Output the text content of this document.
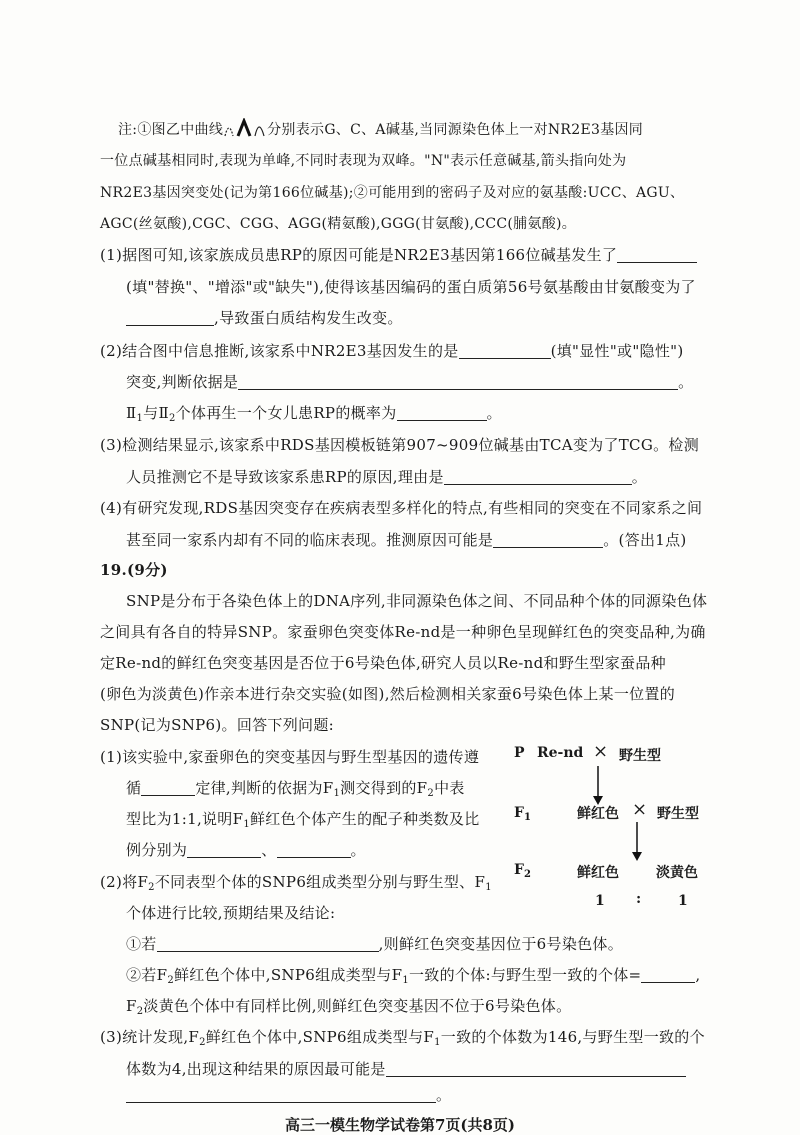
注:①图乙中曲线	分别表示G、C、A碱基,当同源染色体上一对NR2E3基因同
一位点碱基相同时,表现为单峰,不同时表现为双峰。"N"表示任意碱基,箭头指向处为
NR2E3基因突变处(记为第166位碱基);②可能用到的密码子及对应的氨基酸:UCC、AGU、
AGC(丝氨酸),CGC、CGG、AGG(精氨酸),GGG(甘氨酸),CCC(脯氨酸)。
(1)据图可知,该家族成员患RP的原因可能是NR2E3基因第166位碱基发生了
(填"替换"、"增添"或"缺失"),使得该基因编码的蛋白质第56号氨基酸由甘氨酸变为了
,导致蛋白质结构发生改变。
(2)结合图中信息推断,该家系中NR2E3基因发生的是	(填"显性"或"隐性")
突变,判断依据是	。
$Ⅱ_1$与$Ⅱ_2$个体再生一个女儿患RP的概率为	。
(3)检测结果显示,该家系中RDS基因模板链第907~909位碱基由TCA变为了TCG。检测
人员推测它不是导致该家系患RP的原因,理由是	。
(4)有研究发现,RDS基因突变存在疾病表型多样化的特点,有些相同的突变在不同家系之间
甚至同一家系内却有不同的临床表现。推测原因可能是	。(答出1点)
19.(9分)
SNP是分布于各染色体上的DNA序列,非同源染色体之间、不同品种个体的同源染色体
之间具有各自的特异SNP。家蚕卵色突变体Re-nd是一种卵色呈现鲜红色的突变品种,为确
定Re-nd的鲜红色突变基因是否位于6号染色体,研究人员以Re-nd和野生型家蚕品种
(卵色为淡黄色)作亲本进行杂交实验(如图),然后检测相关家蚕6号染色体上某一位置的
SNP(记为SNP6)。回答下列问题:
(1)该实验中,家蚕卵色的突变基因与野生型基因的遗传遵
循	定律,判断的依据为$F_1$测交得到的$F_2$中表
型比为1:1,说明$F_1$鲜红色个体产生的配子种类数及比
例分别为	、	。
(2)将$F_2$不同表型个体的SNP6组成类型分别与野生型、$F_1$
个体进行比较,预期结果及结论:
①若	,则鲜红色突变基因位于6号染色体。
②若$F_2$鲜红色个体中,SNP6组成类型与$F_1$一致的个体:与野生型一致的个体=	,
$F_2$淡黄色个体中有同样比例,则鲜红色突变基因不位于6号染色体。
(3)统计发现$,F_2$鲜红色个体中,SNP6组成类型与$F_1$一致的个体数为146,与野生型一致的个
体数为4,出现这种结果的原因最可能是
。
P Re-nd × 野生型
$F_1$	鲜红色 × 野生型
$F_2$	鲜红色	淡黄色
1 :	1
高三一模生物学试卷第7页(共8页)
